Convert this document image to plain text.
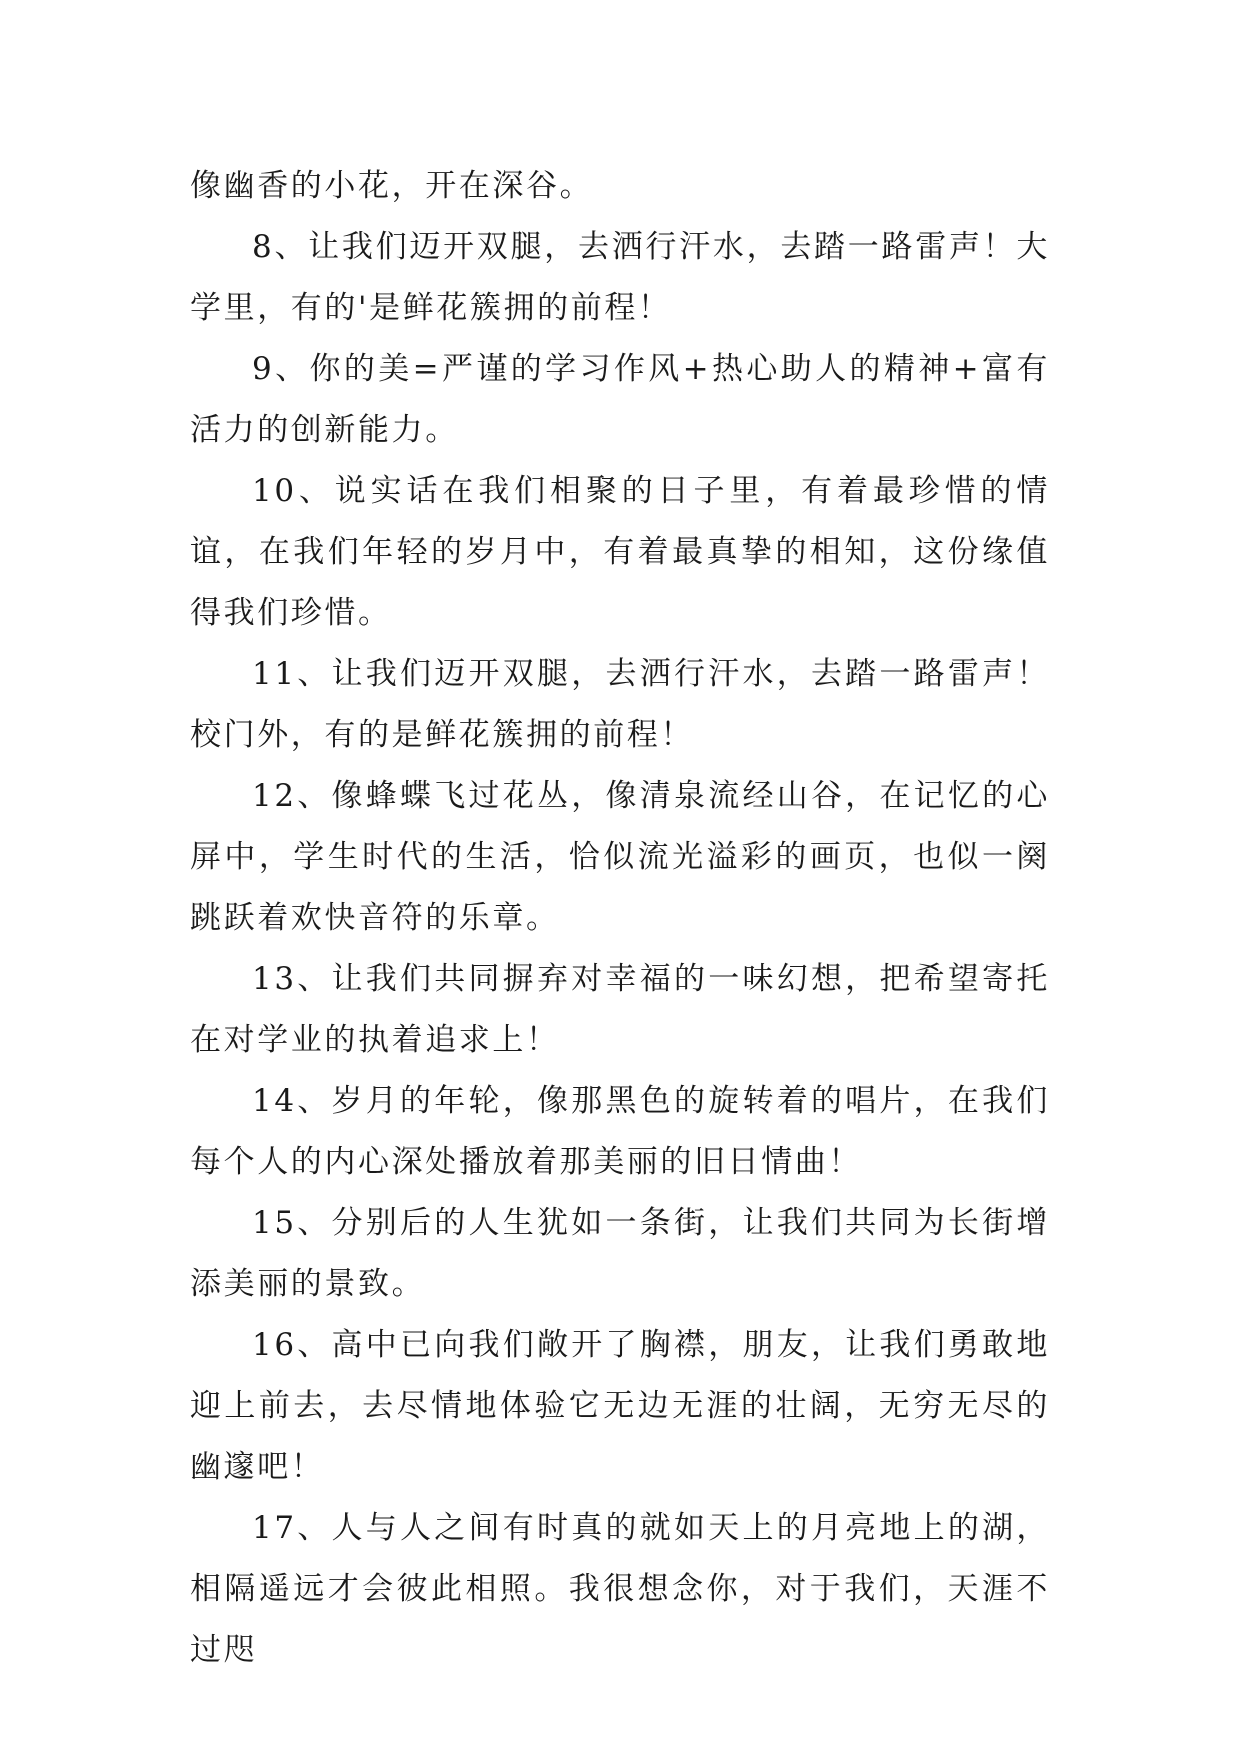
像幽香的小花，开在深谷。

8、让我们迈开双腿，去洒行汗水，去踏一路雷声！大学里，有的'是鲜花簇拥的前程！

9、你的美=严谨的学习作风+热心助人的精神+富有活力的创新能力。

10、说实话在我们相聚的日子里，有着最珍惜的情谊，在我们年轻的岁月中，有着最真挚的相知，这份缘值得我们珍惜。

11、让我们迈开双腿，去洒行汗水，去踏一路雷声！校门外，有的是鲜花簇拥的前程！

12、像蜂蝶飞过花丛，像清泉流经山谷，在记忆的心屏中，学生时代的生活，恰似流光溢彩的画页，也似一阕跳跃着欢快音符的乐章。

13、让我们共同摒弃对幸福的一味幻想，把希望寄托在对学业的执着追求上！

14、岁月的年轮，像那黑色的旋转着的唱片，在我们每个人的内心深处播放着那美丽的旧日情曲！

15、分别后的人生犹如一条街，让我们共同为长街增添美丽的景致。

16、高中已向我们敞开了胸襟，朋友，让我们勇敢地迎上前去，去尽情地体验它无边无涯的壮阔，无穷无尽的幽邃吧！

17、人与人之间有时真的就如天上的月亮地上的湖，相隔遥远才会彼此相照。我很想念你，对于我们，天涯不过咫
